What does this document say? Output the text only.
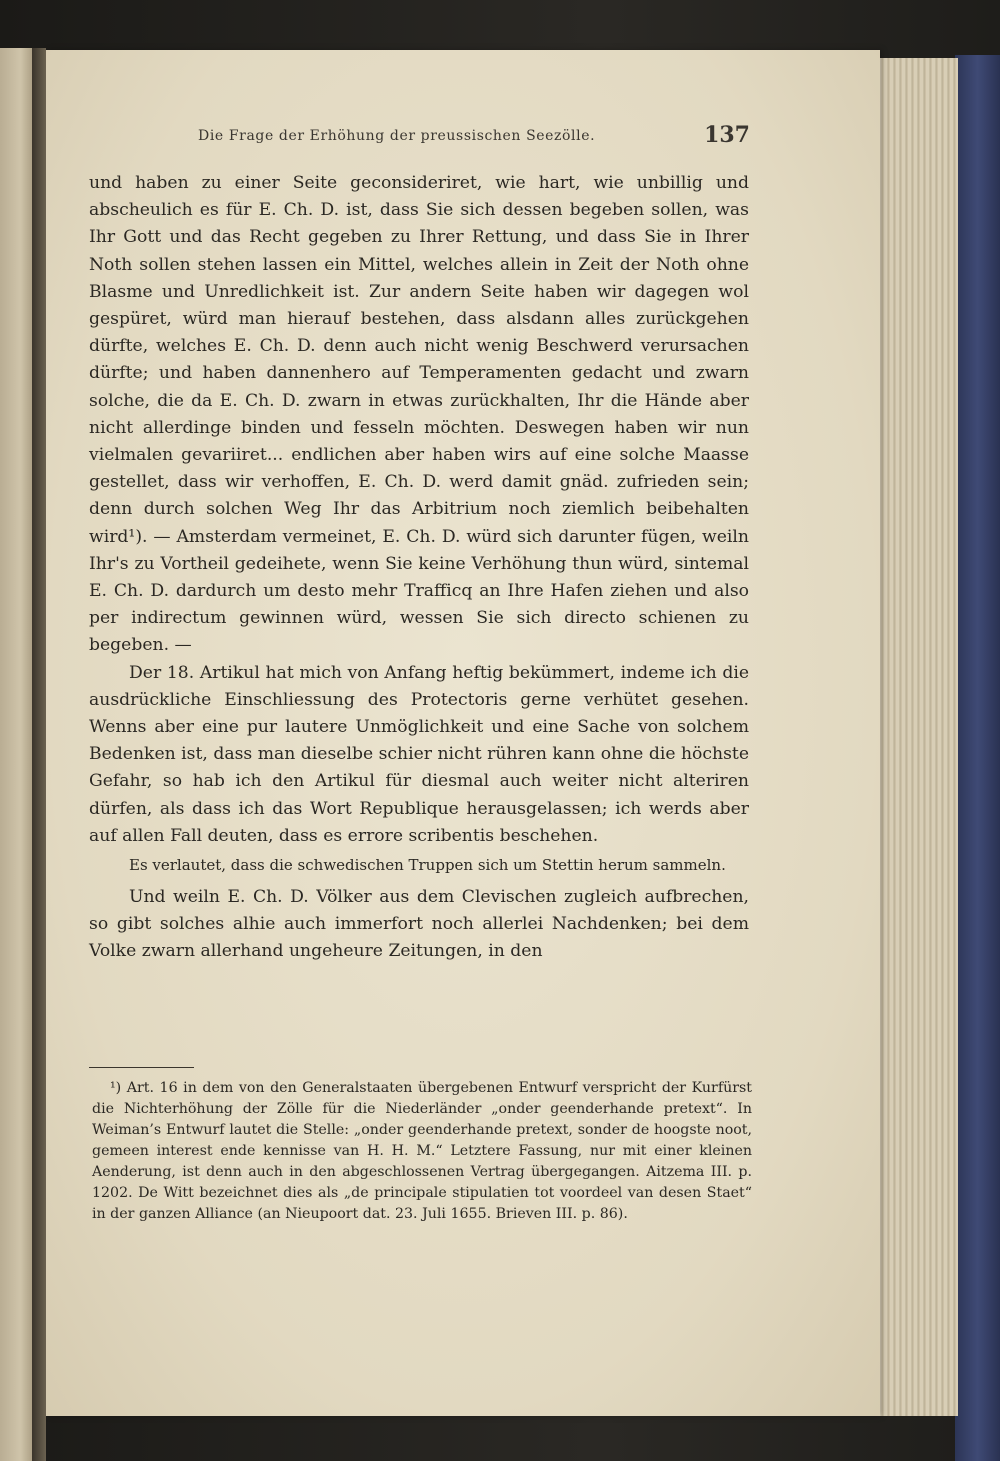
Die Frage der Erhöhung der preussischen Seezölle.	137

und haben zu einer Seite geconsideriret, wie hart, wie unbillig und abscheulich es für E. Ch. D. ist, dass Sie sich dessen begeben sollen, was Ihr Gott und das Recht gegeben zu Ihrer Rettung, und dass Sie in Ihrer Noth sollen stehen lassen ein Mittel, welches allein in Zeit der Noth ohne Blasme und Unredlichkeit ist. Zur andern Seite haben wir dagegen wol gespüret, würd man hierauf bestehen, dass alsdann alles zurückgehen dürfte, welches E. Ch. D. denn auch nicht wenig Beschwerd verursachen dürfte; und haben dannenhero auf Temperamenten gedacht und zwarn solche, die da E. Ch. D. zwarn in etwas zurückhalten, Ihr die Hände aber nicht allerdinge binden und fesseln möchten. Deswegen haben wir nun vielmalen gevariiret... endlichen aber haben wirs auf eine solche Maasse gestellet, dass wir verhoffen, E. Ch. D. werd damit gnäd. zufrieden sein; denn durch solchen Weg Ihr das Arbitrium noch ziemlich beibehalten wird¹). — Amsterdam vermeinet, E. Ch. D. würd sich darunter fügen, weiln Ihr's zu Vortheil gedeihete, wenn Sie keine Verhöhung thun würd, sintemal E. Ch. D. dardurch um desto mehr Trafficq an Ihre Hafen ziehen und also per indirectum gewinnen würd, wessen Sie sich directo schienen zu begeben. —

Der 18. Artikul hat mich von Anfang heftig bekümmert, indeme ich die ausdrückliche Einschliessung des Protectoris gerne verhütet gesehen. Wenns aber eine pur lautere Unmöglichkeit und eine Sache von solchem Bedenken ist, dass man dieselbe schier nicht rühren kann ohne die höchste Gefahr, so hab ich den Artikul für diesmal auch weiter nicht alteriren dürfen, als dass ich das Wort Republique herausgelassen; ich werds aber auf allen Fall deuten, dass es errore scribentis beschehen.

Es verlautet, dass die schwedischen Truppen sich um Stettin herum sammeln.

Und weiln E. Ch. D. Völker aus dem Clevischen zugleich aufbrechen, so gibt solches alhie auch immerfort noch allerlei Nachdenken; bei dem Volke zwarn allerhand ungeheure Zeitungen, in den

¹) Art. 16 in dem von den Generalstaaten übergebenen Entwurf verspricht der Kurfürst die Nichterhöhung der Zölle für die Niederländer „onder geenderhande pretext“. In Weiman’s Entwurf lautet die Stelle: „onder geenderhande pretext, sonder de hoogste noot, gemeen interest ende kennisse van H. H. M.“ Letztere Fassung, nur mit einer kleinen Aenderung, ist denn auch in den abgeschlossenen Vertrag übergegangen. Aitzema III. p. 1202. De Witt bezeichnet dies als „de principale stipulatien tot voordeel van desen Staet“ in der ganzen Alliance (an Nieupoort dat. 23. Juli 1655. Brieven III. p. 86).
